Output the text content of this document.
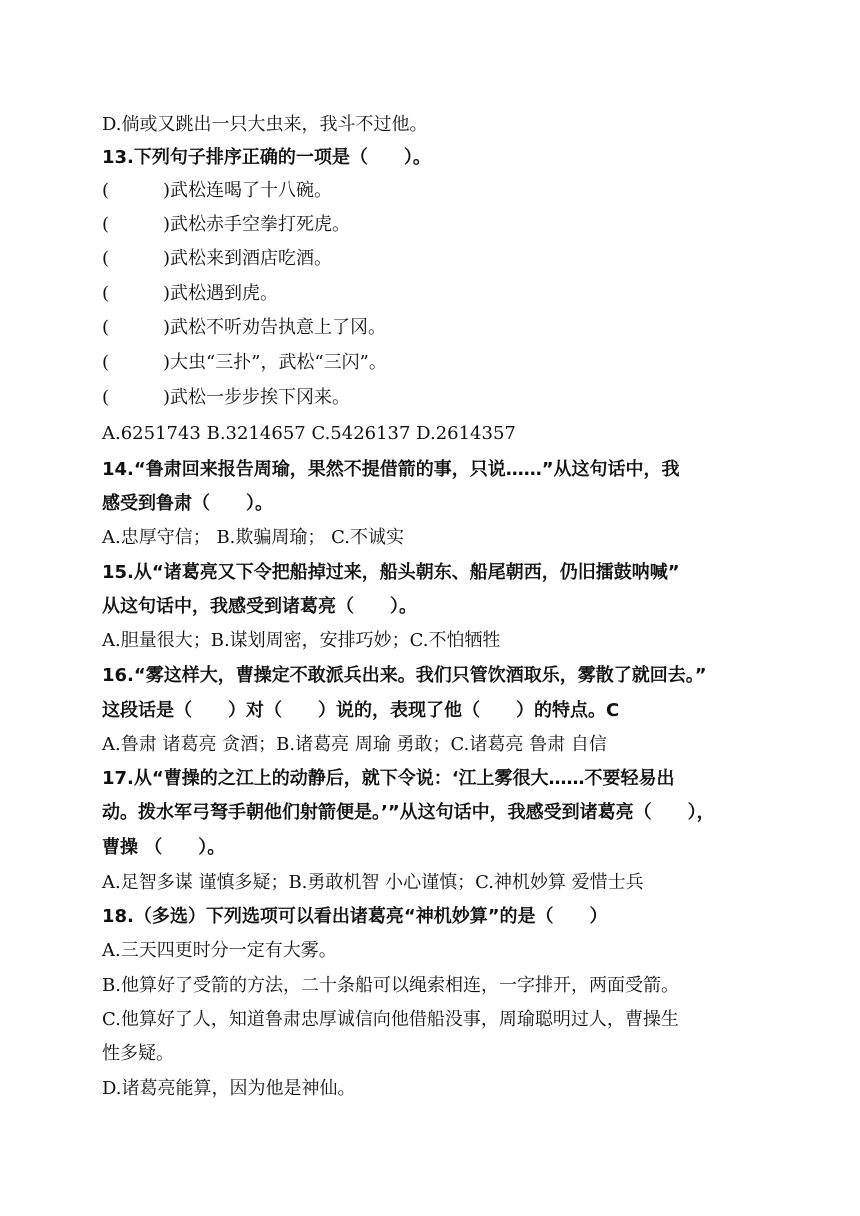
D.倘或又跳出一只大虫来，我斗不过他。
13.下列句子排序正确的一项是（　　）。
(　　　)武松连喝了十八碗。
(　　　)武松赤手空拳打死虎。
(　　　)武松来到酒店吃酒。
(　　　)武松遇到虎。
(　　　)武松不听劝告执意上了冈。
(　　　)大虫“三扑”，武松“三闪”。
(　　　)武松一步步挨下冈来。
A.6251743 B.3214657 C.5426137 D.2614357
14.“鲁肃回来报告周瑜，果然不提借箭的事，只说……”从这句话中，我
感受到鲁肃（　　）。
A.忠厚守信； B.欺骗周瑜； C.不诚实
15.从“诸葛亮又下令把船掉过来，船头朝东、船尾朝西，仍旧擂鼓呐喊”
从这句话中，我感受到诸葛亮（　　）。
A.胆量很大；B.谋划周密，安排巧妙；C.不怕牺牲
16.“雾这样大，曹操定不敢派兵出来。我们只管饮酒取乐，雾散了就回去。”
这段话是（　　）对（　　）说的，表现了他（　　）的特点。C
A.鲁肃 诸葛亮 贪酒；B.诸葛亮 周瑜 勇敢；C.诸葛亮 鲁肃 自信
17.从“曹操的之江上的动静后，就下令说：‘江上雾很大……不要轻易出
动。拨水军弓弩手朝他们射箭便是。’”从这句话中，我感受到诸葛亮（　　），
曹操 （　　）。
A.足智多谋 谨慎多疑；B.勇敢机智 小心谨慎；C.神机妙算 爱惜士兵
18.（多选）下列选项可以看出诸葛亮“神机妙算”的是（　　）
A.三天四更时分一定有大雾。
B.他算好了受箭的方法，二十条船可以绳索相连，一字排开，两面受箭。
C.他算好了人，知道鲁肃忠厚诚信向他借船没事，周瑜聪明过人，曹操生
性多疑。
D.诸葛亮能算，因为他是神仙。
